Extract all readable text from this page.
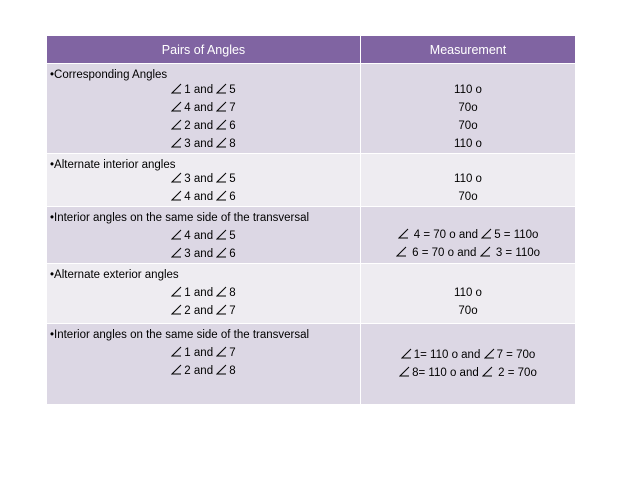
Pairs of Angles	Measurement
•Corresponding Angles
1 and 5
4 and 7
2 and 6
3 and 8
110 o
70o
70o
110 o
•Alternate interior angles
3 and 5
4 and 6
110 o
70o
•Interior angles on the same side of the transversal
4 and 5
3 and 6
4 = 70 o and 5 = 110o
6 = 70 o and 3 = 110o
•Alternate exterior angles
1 and 8
2 and 7
110 o
70o
•Interior angles on the same side of the transversal
1 and 7
2 and 8
1= 110 o and 7 = 70o
8= 110 o and 2 = 70o
